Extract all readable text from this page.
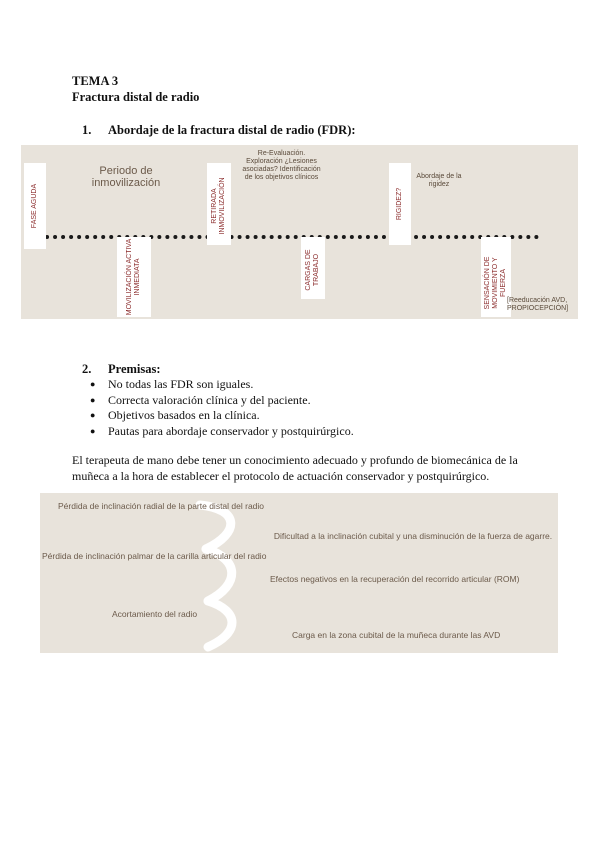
TEMA 3
Fractura distal de radio
1. Abordaje de la fractura distal de radio (FDR):
FASE AGUDA
Periodo de inmovilización
RETIRADA INMOVILIZACIÓN
Re-Evaluación. Exploración ¿Lesiones asociadas? Identificación de los objetivos clínicos
RIGIDEZ?
Abordaje de la rigidez
MOVILIZACIÓN ACTIVA INMEDIATA	CARGAS DE TRABAJO	SENSACIÓN DE MOVIMIENTO Y FUERZA
[Reeducación AVD, PROPIOCEPCIÓN]
2. Premisas:
● No todas las FDR son iguales.
● Correcta valoración clínica y del paciente.
● Objetivos basados en la clínica.
● Pautas para abordaje conservador y postquirúrgico.
El terapeuta de mano debe tener un conocimiento adecuado y profundo de biomecánica de la muñeca a la hora de establecer el protocolo de actuación conservador y postquirúrgico.
Pérdida de inclinación radial de la parte distal del radio
Dificultad a la inclinación cubital y una disminución de la fuerza de agarre.
Pérdida de inclinación palmar de la carilla articular del radio
Efectos negativos en la recuperación del recorrido articular (ROM)
Acortamiento del radio
Carga en la zona cubital de la muñeca durante las AVD
